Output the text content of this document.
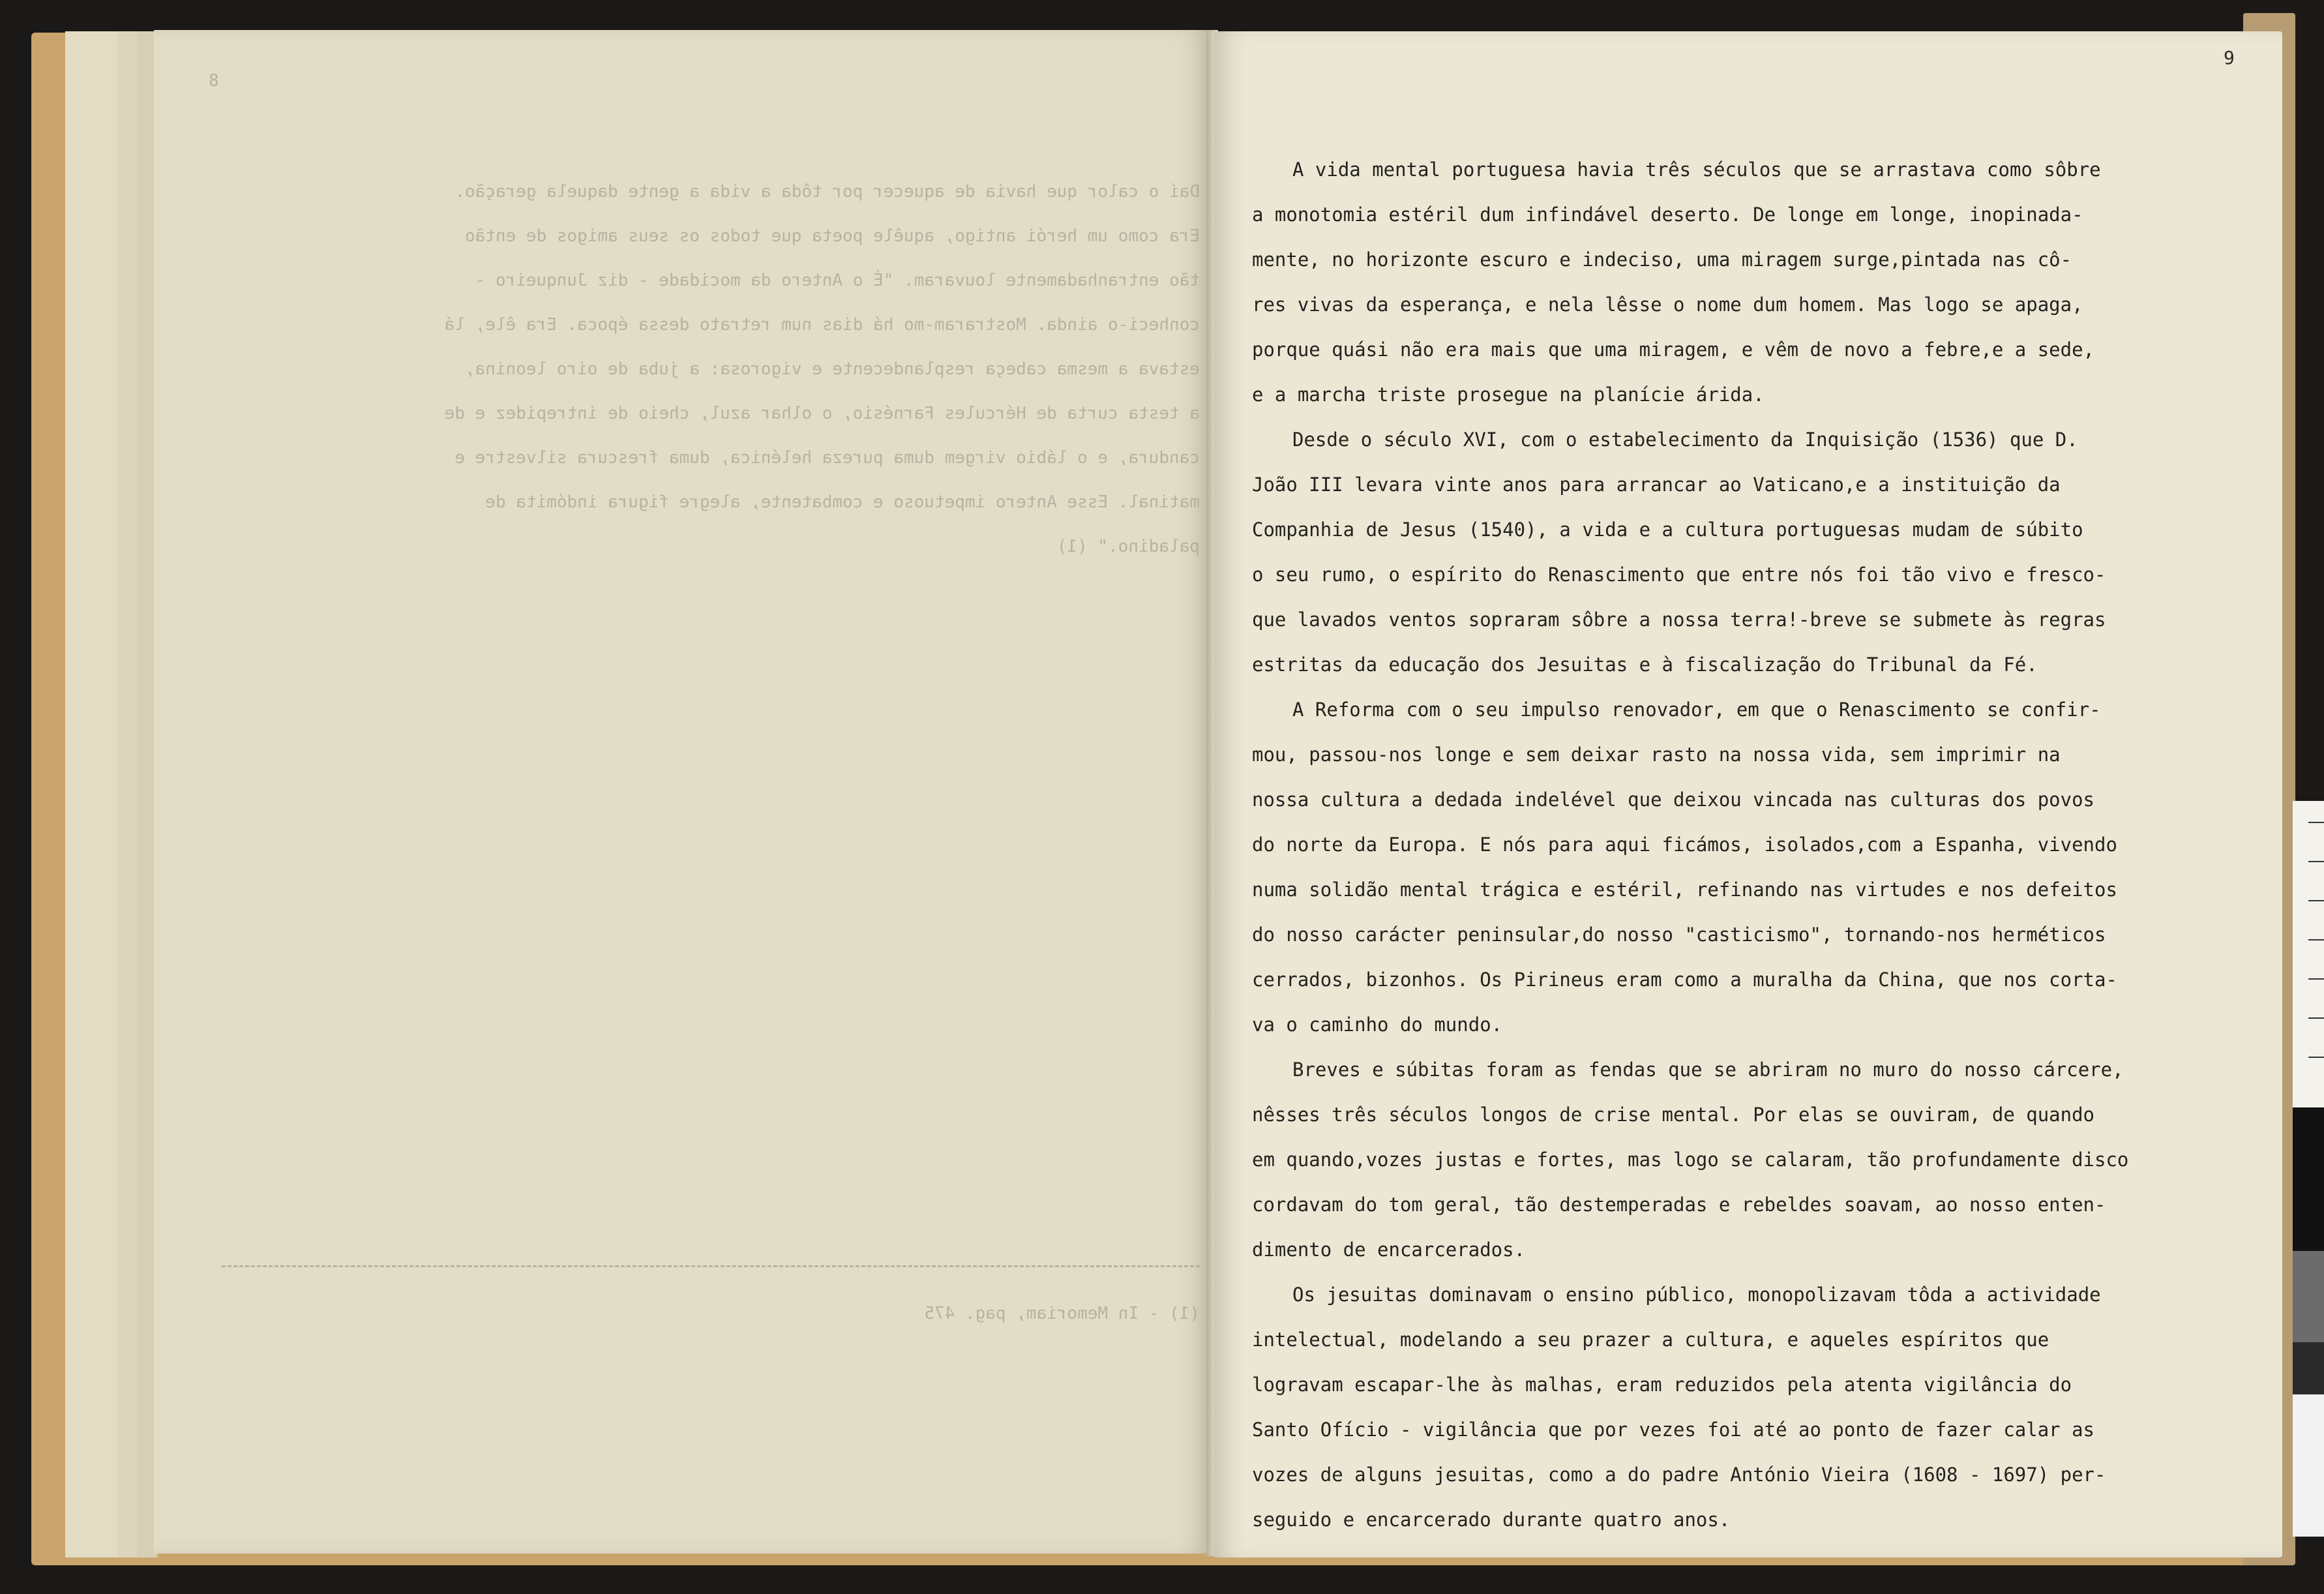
8
Daí o calor que havia de aquecer por tôda a vida a gente daquela geração.
Era como um herói antigo, aquêle poeta que todos os seus amigos de então
tão entranhadamente louvaram. "É o Antero da mocidade - diz Junqueiro -
conheci-o ainda. Mostraram-mo há dias num retrato dessa época. Era êle, lá
estava a mesma cabeça resplandecente e vigorosa: a juba de oiro leonina,
a testa curta de Hércules Farnésio, o olhar azul, cheio de intrepidez e de
candura, e o lábio virgem duma pureza helénica, duma frescura silvestre e
matinal. Esse Antero impetuoso e combatente, alegre figura indómita de
paladino." (1)
(1) - In Memoriam, pag. 475
9
A vida mental portuguesa havia três séculos que se arrastava como sôbre
a monotomia estéril dum infindável deserto. De longe em longe, inopinada-
mente, no horizonte escuro e indeciso, uma miragem surge,pintada nas cô-
res vivas da esperança, e nela lêsse o nome dum homem. Mas logo se apaga,
porque quási não era mais que uma miragem, e vêm de novo a febre,e a sede,
e a marcha triste prosegue na planície árida.
Desde o século XVI, com o estabelecimento da Inquisição (1536) que D.
João III levara vinte anos para arrancar ao Vaticano,e a instituição da
Companhia de Jesus (1540), a vida e a cultura portuguesas mudam de súbito
o seu rumo, o espírito do Renascimento que entre nós foi tão vivo e fresco-
que lavados ventos sopraram sôbre a nossa terra!-breve se submete às regras
estritas da educação dos Jesuitas e à fiscalização do Tribunal da Fé.
A Reforma com o seu impulso renovador, em que o Renascimento se confir-
mou, passou-nos longe e sem deixar rasto na nossa vida, sem imprimir na
nossa cultura a dedada indelével que deixou vincada nas culturas dos povos
do norte da Europa. E nós para aqui ficámos, isolados,com a Espanha, vivendo
numa solidão mental trágica e estéril, refinando nas virtudes e nos defeitos
do nosso carácter peninsular,do nosso "casticismo", tornando-nos herméticos
cerrados, bizonhos. Os Pirineus eram como a muralha da China, que nos corta-
va o caminho do mundo.
Breves e súbitas foram as fendas que se abriram no muro do nosso cárcere,
nêsses três séculos longos de crise mental. Por elas se ouviram, de quando
em quando,vozes justas e fortes, mas logo se calaram, tão profundamente disco
cordavam do tom geral, tão destemperadas e rebeldes soavam, ao nosso enten-
dimento de encarcerados.
Os jesuitas dominavam o ensino público, monopolizavam tôda a actividade
intelectual, modelando a seu prazer a cultura, e aqueles espíritos que
logravam escapar-lhe às malhas, eram reduzidos pela atenta vigilância do
Santo Ofício - vigilância que por vezes foi até ao ponto de fazer calar as
vozes de alguns jesuitas, como a do padre António Vieira (1608 - 1697) per-
seguido e encarcerado durante quatro anos.
